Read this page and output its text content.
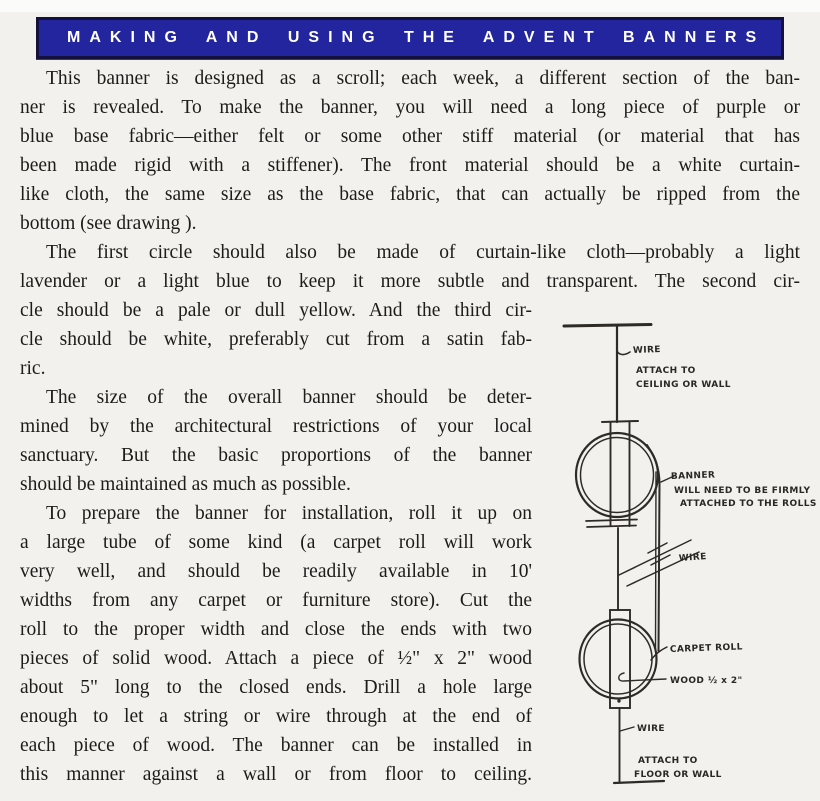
MAKING AND USING THE ADVENT BANNERS
This banner is designed as a scroll; each week, a different section of the ban-
ner is revealed. To make the banner, you will need a long piece of purple or
blue base fabric—either felt or some other stiff material (or material that has
been made rigid with a stiffener). The front material should be a white curtain-
like cloth, the same size as the base fabric, that can actually be ripped from the
bottom (see drawing ).
The first circle should also be made of curtain-like cloth—probably a light
lavender or a light blue to keep it more subtle and transparent. The second cir-
cle should be a pale or dull yellow. And the third cir-
cle should be white, preferably cut from a satin fab-
ric.
The size of the overall banner should be deter-
mined by the architectural restrictions of your local
sanctuary. But the basic proportions of the banner
should be maintained as much as possible.
To prepare the banner for installation, roll it up on
a large tube of some kind (a carpet roll will work
very well, and should be readily available in 10'
widths from any carpet or furniture store). Cut the
roll to the proper width and close the ends with two
pieces of solid wood. Attach a piece of ½" x 2" wood
about 5" long to the closed ends. Drill a hole large
enough to let a string or wire through at the end of
each piece of wood. The banner can be installed in
this manner against a wall or from floor to ceiling.
WIRE
ATTACH TO
CEILING OR WALL
BANNER
WILL NEED TO BE FIRMLY
ATTACHED TO THE ROLLS
WIRE
CARPET ROLL
WOOD ½ x 2"
WIRE
ATTACH TO
FLOOR OR WALL
